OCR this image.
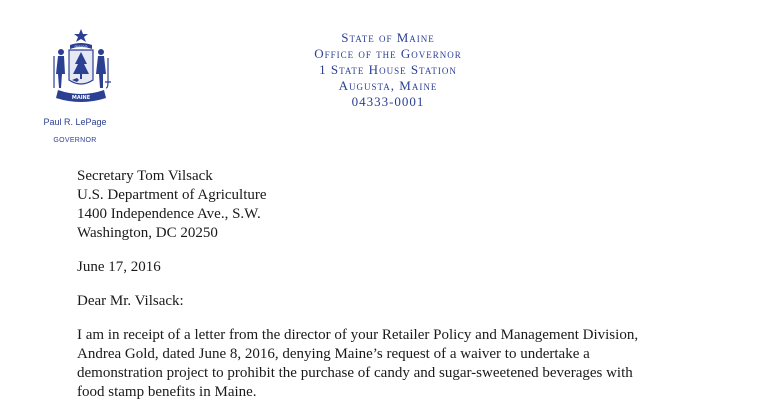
DIRIGO
MAINE
State of Maine
Office of the Governor
1 State House Station
Augusta, Maine
04333-0001
Paul R. LePage
GOVERNOR
Secretary Tom Vilsack
U.S. Department of Agriculture
1400 Independence Ave., S.W.
Washington, DC 20250
June 17, 2016
Dear Mr. Vilsack:
I am in receipt of a letter from the director of your Retailer Policy and Management Division,
Andrea Gold, dated June 8, 2016, denying Maine’s request of a waiver to undertake a
demonstration project to prohibit the purchase of candy and sugar-sweetened beverages with
food stamp benefits in Maine.
